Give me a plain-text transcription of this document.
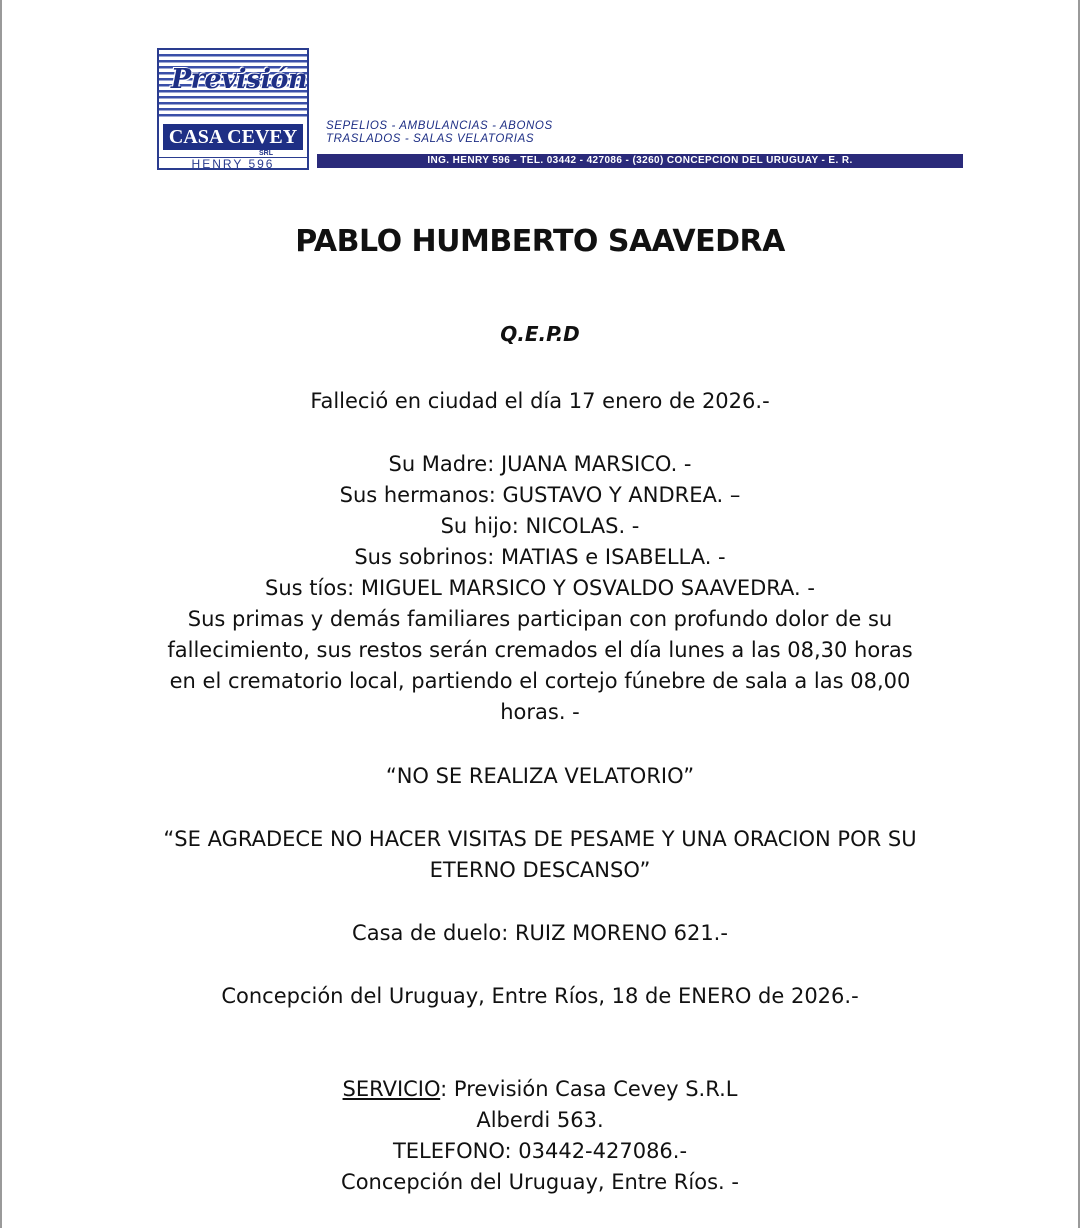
Previsión
CASA CEVEY
SRL
HENRY 596
SEPELIOS - AMBULANCIAS - ABONOS
TRASLADOS - SALAS VELATORIAS
ING. HENRY 596 - TEL. 03442 - 427086 - (3260) CONCEPCION DEL URUGUAY - E. R.
PABLO HUMBERTO SAAVEDRA
Q.E.P.D
Falleció en ciudad el día 17 enero de 2026.-

Su Madre: JUANA MARSICO. -

Sus hermanos: GUSTAVO Y ANDREA. –

Su hijo: NICOLAS. -

Sus sobrinos: MATIAS e ISABELLA. -

Sus tíos: MIGUEL MARSICO Y OSVALDO SAAVEDRA. -

Sus primas y demás familiares participan con profundo dolor de su fallecimiento, sus restos serán cremados el día lunes a las 08,30 horas en el crematorio local, partiendo el cortejo fúnebre de sala a las 08,00 horas. -

“NO SE REALIZA VELATORIO”

“SE AGRADECE NO HACER VISITAS DE PESAME Y UNA ORACION POR SU ETERNO DESCANSO”

Casa de duelo: RUIZ MORENO 621.-
Concepción del Uruguay, Entre Ríos, 18 de ENERO de 2026.-

SERVICIO: Previsión Casa Cevey S.R.L

Alberdi 563.

TELEFONO: 03442-427086.-

Concepción del Uruguay, Entre Ríos. -
